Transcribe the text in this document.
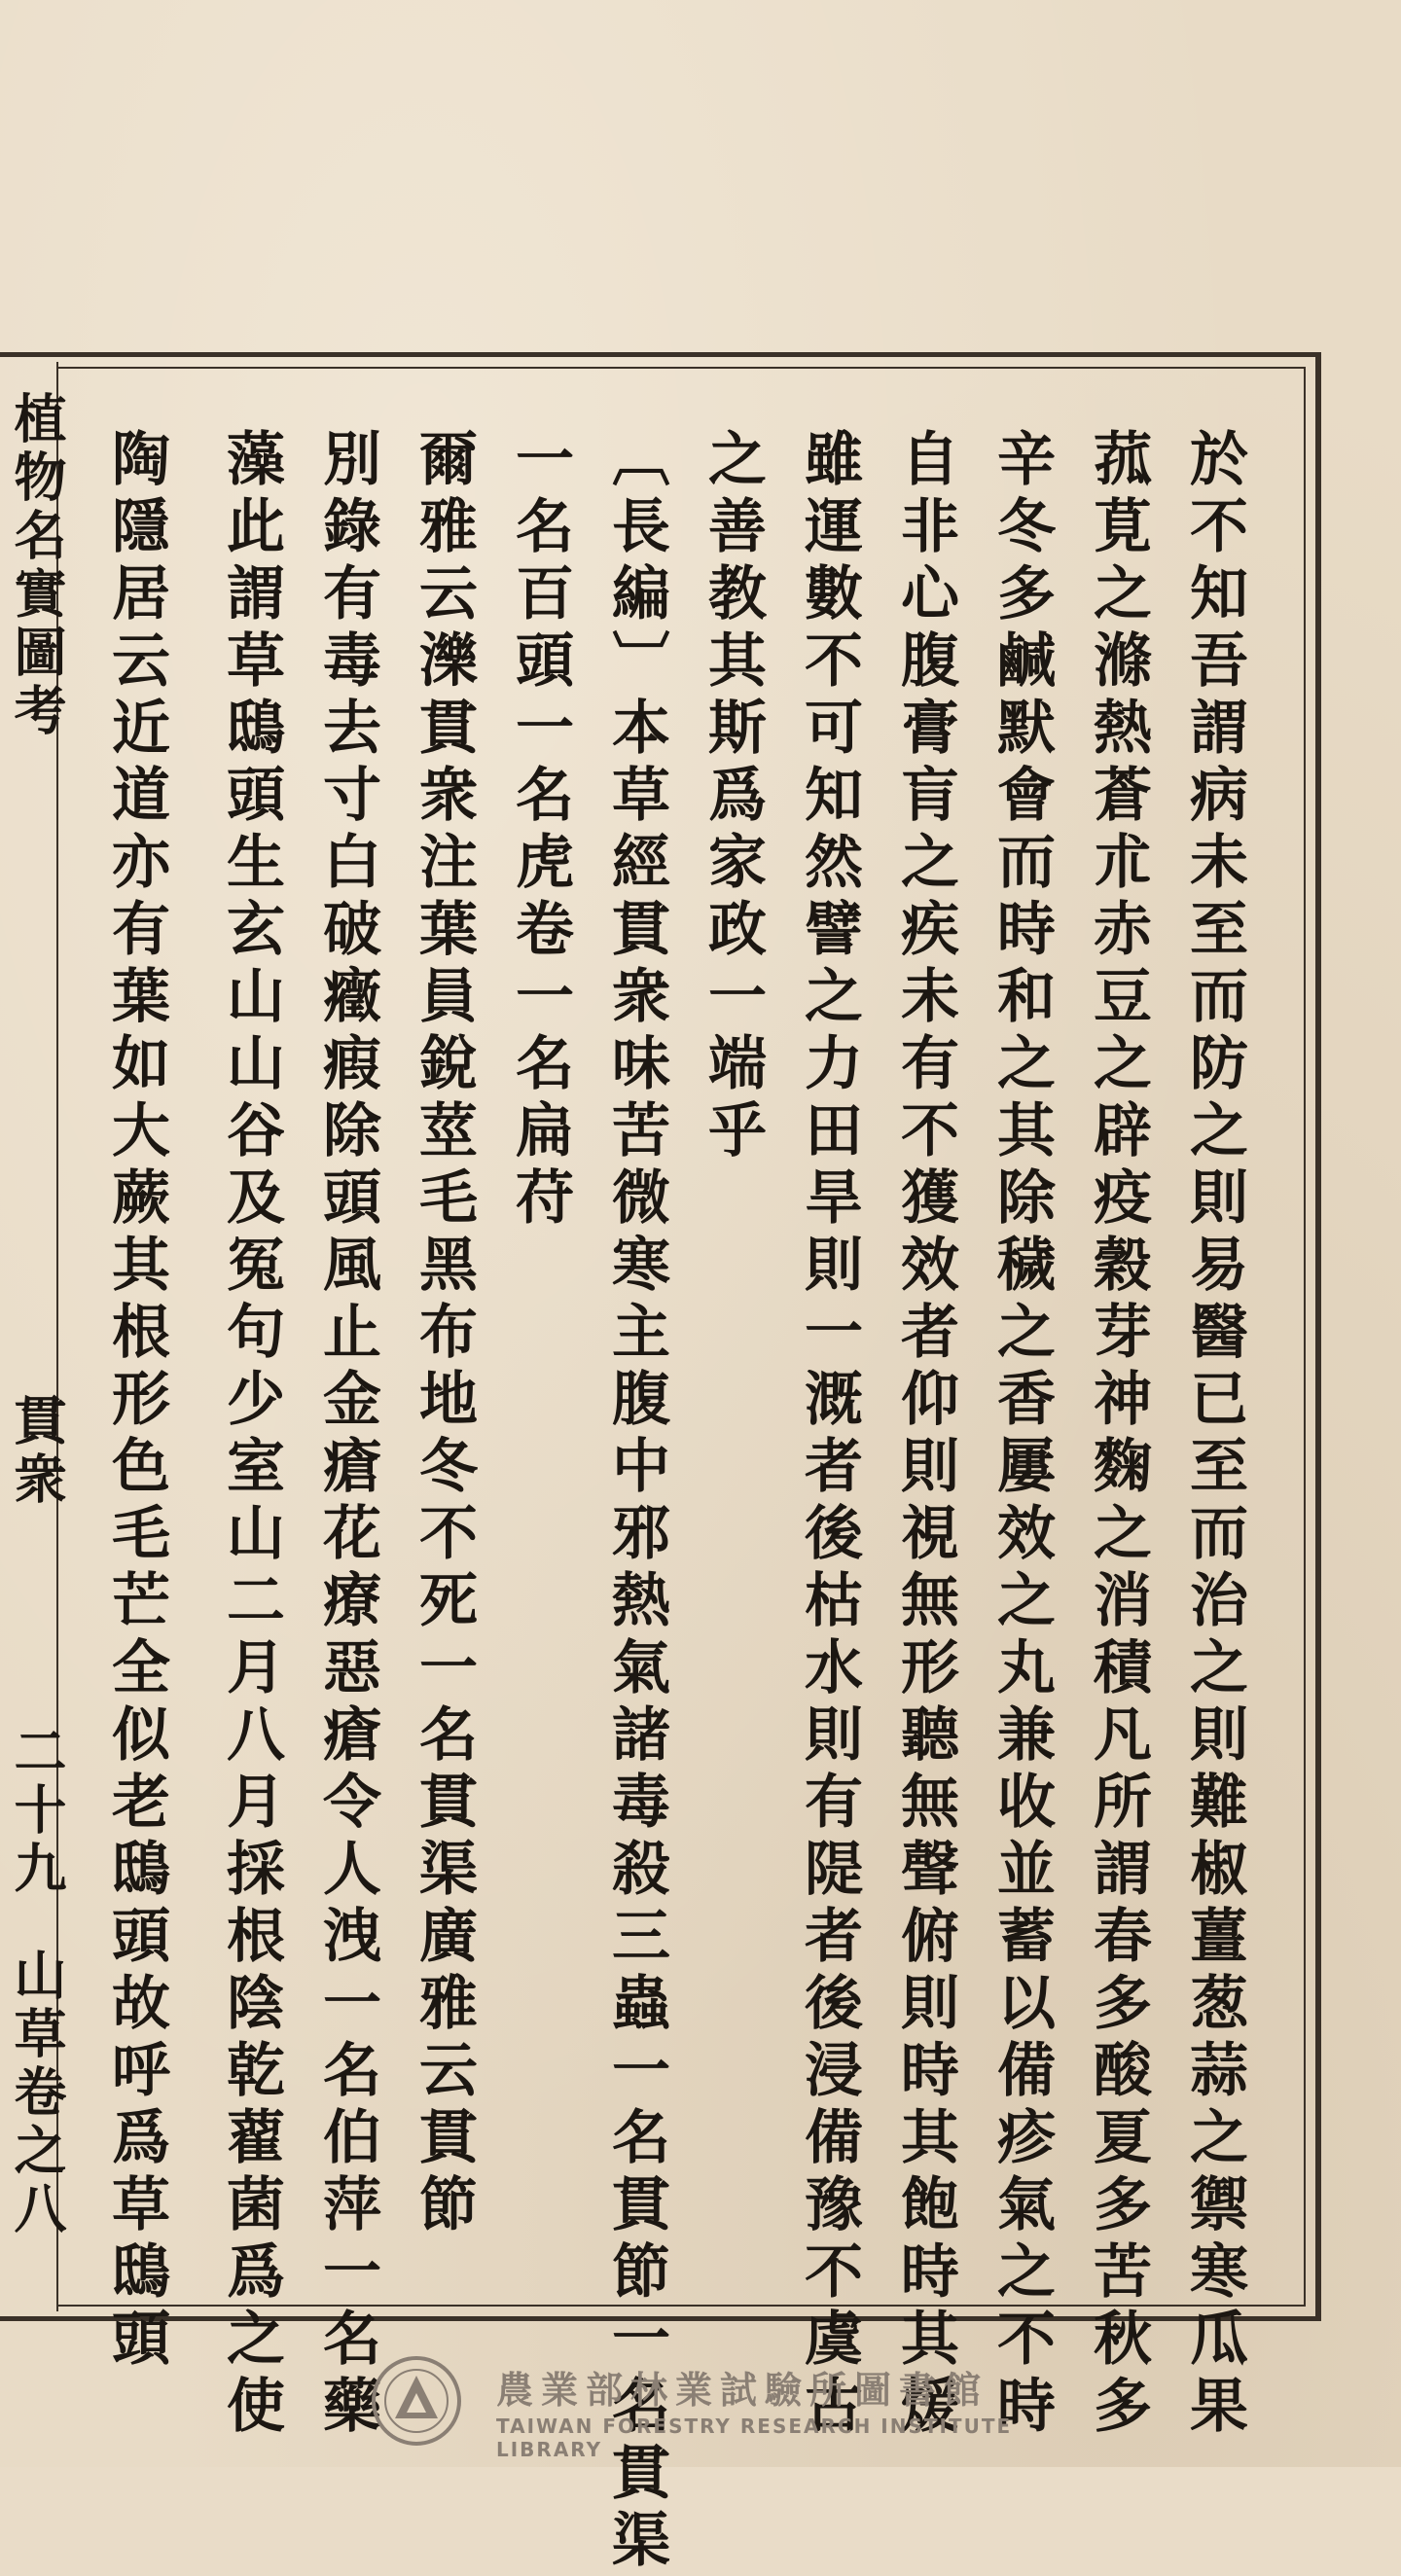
植物名實圖考
貫衆
二十九
山草卷之八	於不知吾謂病未至而防之則易醫已至而治之則難椒薑葱蒜之禦寒瓜果
菰莧之滌熱蒼朮赤豆之辟疫穀芽神麴之消積凡所謂春多酸夏多苦秋多
辛冬多鹹默會而時和之其除穢之香屢效之丸兼收並蓄以備疹氣之不時
自非心腹膏肓之疾未有不獲效者仰則視無形聽無聲俯則時其飽時其煖
雖運數不可知然譬之力田旱則一溉者後枯水則有隄者後浸備豫不虞古
之善教其斯爲家政一端乎
〔長編〕本草經貫衆味苦微寒主腹中邪熱氣諸毒殺三蟲一名貫節一名貫渠
一名百頭一名虎卷一名扁苻
爾雅云濼貫衆注葉員銳莖毛黑布地冬不死一名貫渠廣雅云貫節
別錄有毒去寸白破癥瘕除頭風止金瘡花療惡瘡令人洩一名伯萍一名藥
藻此謂草鴟頭生玄山山谷及冤句少室山二月八月採根陰乾藋菌爲之使
陶隱居云近道亦有葉如大蕨其根形色毛芒全似老鴟頭故呼爲草鴟頭
農業部林業試驗所圖書館
TAIWAN FORESTRY RESEARCH INSTITUTE LIBRARY
